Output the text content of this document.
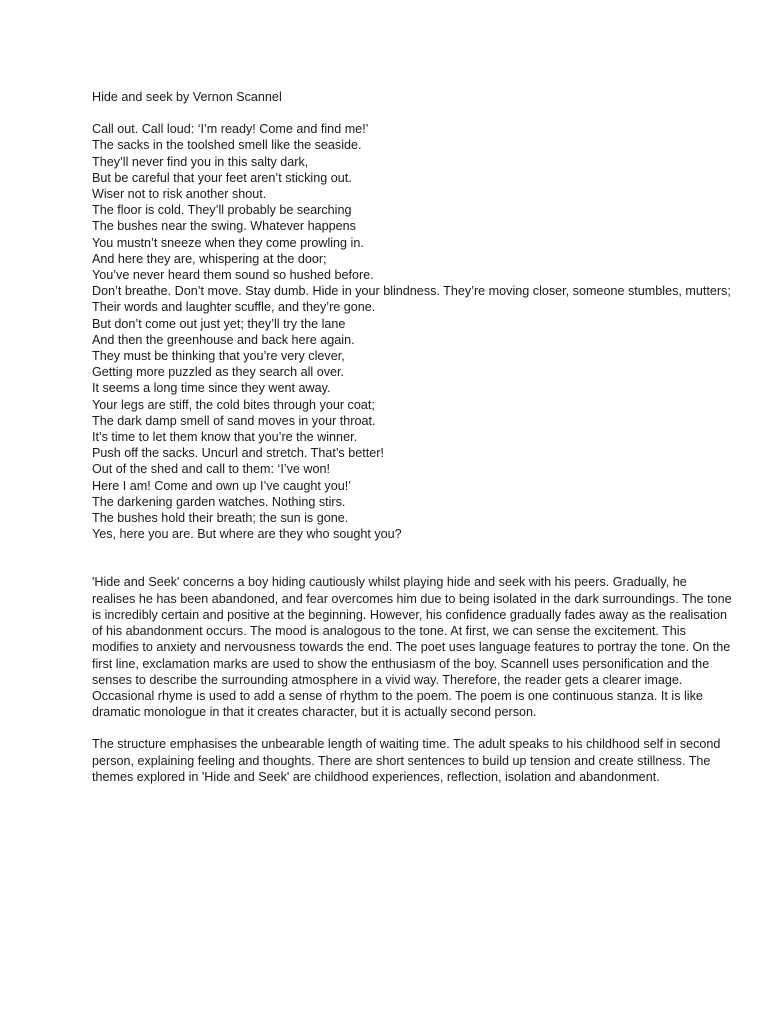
Hide and seek by Vernon Scannel
Call out. Call loud: ‘I’m ready! Come and find me!’
The sacks in the toolshed smell like the seaside.
They’ll never find you in this salty dark,
But be careful that your feet aren’t sticking out.
Wiser not to risk another shout.
The floor is cold. They’ll probably be searching
The bushes near the swing. Whatever happens
You mustn’t sneeze when they come prowling in.
And here they are, whispering at the door;
You’ve never heard them sound so hushed before.
Don’t breathe. Don’t move. Stay dumb. Hide in your blindness. They’re moving closer, someone stumbles, mutters;
Their words and laughter scuffle, and they’re gone.
But don’t come out just yet; they’ll try the lane
And then the greenhouse and back here again.
They must be thinking that you’re very clever,
Getting more puzzled as they search all over.
It seems a long time since they went away.
Your legs are stiff, the cold bites through your coat;
The dark damp smell of sand moves in your throat.
It’s time to let them know that you’re the winner.
Push off the sacks. Uncurl and stretch. That’s better!
Out of the shed and call to them: ‘I’ve won!
Here I am! Come and own up I’ve caught you!’
The darkening garden watches. Nothing stirs.
The bushes hold their breath; the sun is gone.
Yes, here you are. But where are they who sought you?

'Hide and Seek' concerns a boy hiding cautiously whilst playing hide and seek with his peers. Gradually, he realises he has been abandoned, and fear overcomes him due to being isolated in the dark surroundings. The tone is incredibly certain and positive at the beginning. However, his confidence gradually fades away as the realisation of his abandonment occurs. The mood is analogous to the tone. At first, we can sense the excitement. This modifies to anxiety and nervousness towards the end. The poet uses language features to portray the tone. On the first line, exclamation marks are used to show the enthusiasm of the boy. Scannell uses personification and the senses to describe the surrounding atmosphere in a vivid way. Therefore, the reader gets a clearer image. Occasional rhyme is used to add a sense of rhythm to the poem. The poem is one continuous stanza. It is like dramatic monologue in that it creates character, but it is actually second person.

The structure emphasises the unbearable length of waiting time. The adult speaks to his childhood self in second person, explaining feeling and thoughts. There are short sentences to build up tension and create stillness. The themes explored in 'Hide and Seek' are childhood experiences, reflection, isolation and abandonment.
